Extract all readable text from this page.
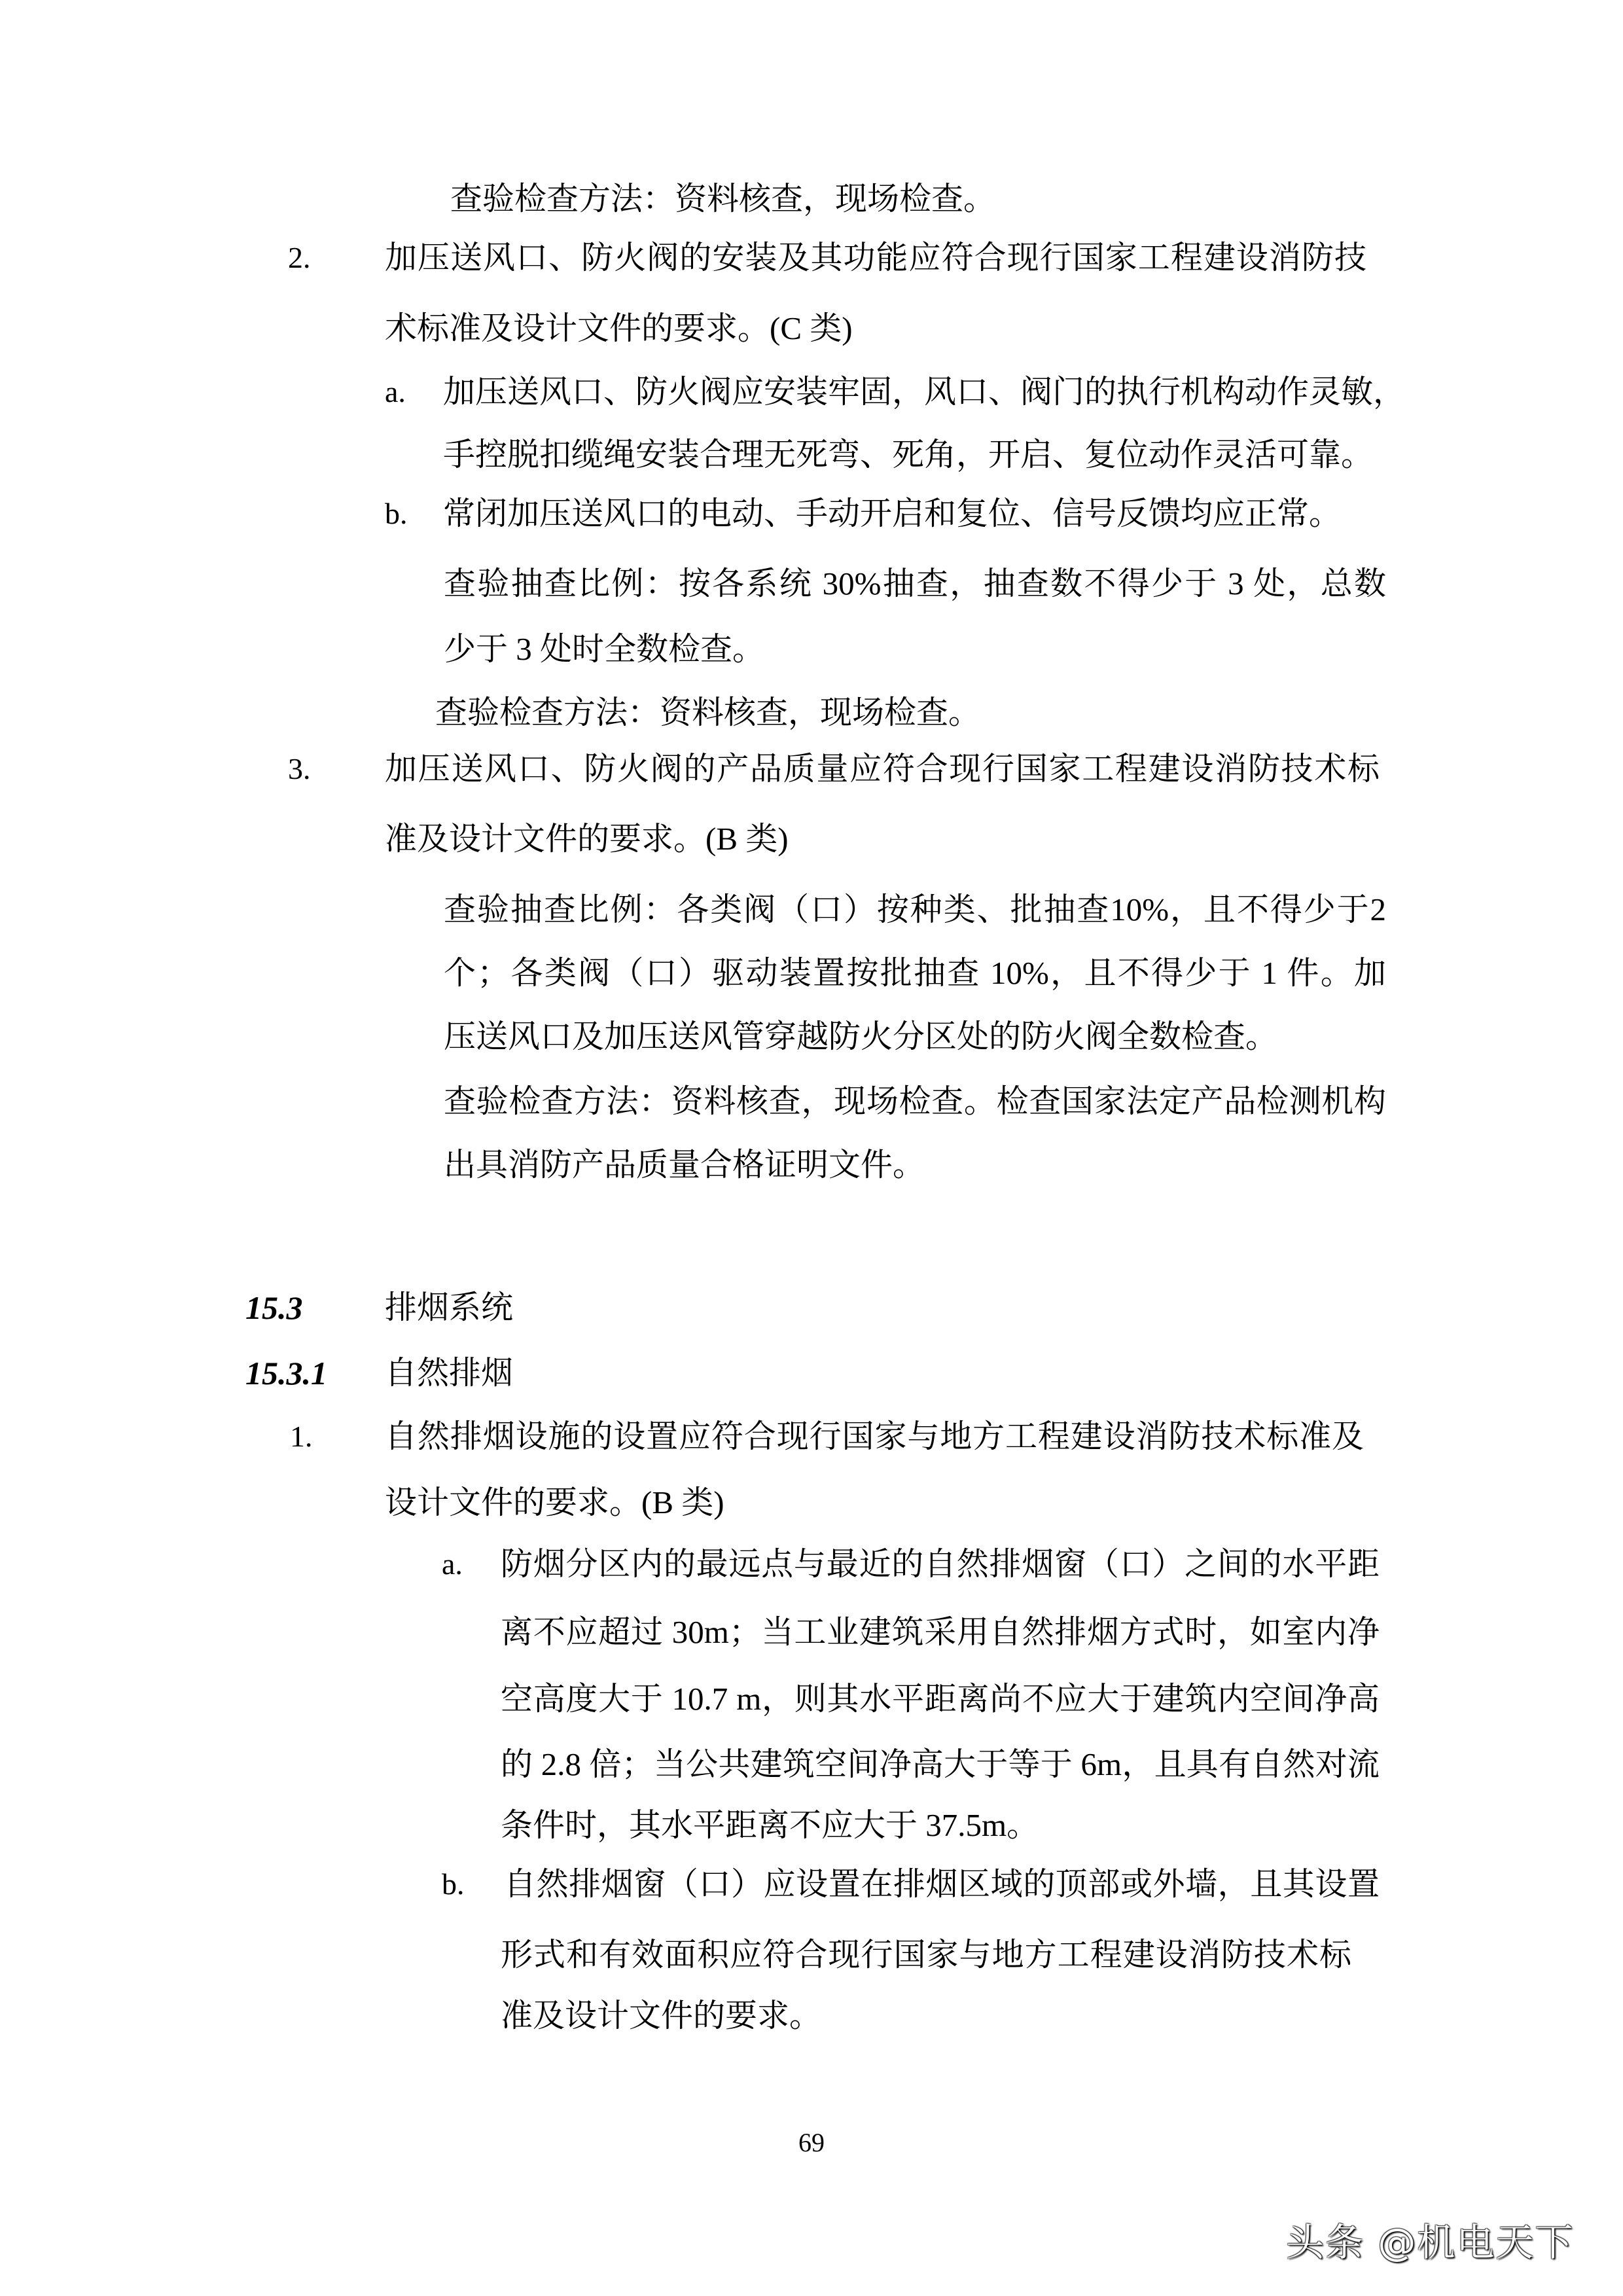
查验检查方法：资料核查，现场检查。
2. 加压送风口、防火阀的安装及其功能应符合现行国家工程建设消防技
术标准及设计文件的要求。(C 类)
a. 加压送风口、防火阀应安装牢固，风口、阀门的执行机构动作灵敏，
手控脱扣缆绳安装合理无死弯、死角，开启、复位动作灵活可靠。
b. 常闭加压送风口的电动、手动开启和复位、信号反馈均应正常。
查验抽查比例：按各系统 30%抽查，抽查数不得少于 3 处，总数
少于 3 处时全数检查。
查验检查方法：资料核查，现场检查。
3. 加压送风口、防火阀的产品质量应符合现行国家工程建设消防技术标
准及设计文件的要求。(B 类)
查验抽查比例：各类阀（口）按种类、批抽查10%，且不得少于2
个；各类阀（口）驱动装置按批抽查 10%，且不得少于 1 件。加
压送风口及加压送风管穿越防火分区处的防火阀全数检查。
查验检查方法：资料核查，现场检查。检查国家法定产品检测机构
出具消防产品质量合格证明文件。
15.3	排烟系统
15.3.1 自然排烟
1. 自然排烟设施的设置应符合现行国家与地方工程建设消防技术标准及
设计文件的要求。(B 类)
a. 防烟分区内的最远点与最近的自然排烟窗（口）之间的水平距
离不应超过 30m；当工业建筑采用自然排烟方式时，如室内净
空高度大于 10.7 m，则其水平距离尚不应大于建筑内空间净高
的 2.8 倍；当公共建筑空间净高大于等于 6m，且具有自然对流
条件时，其水平距离不应大于 37.5m。
b. 自然排烟窗（口）应设置在排烟区域的顶部或外墙，且其设置
形式和有效面积应符合现行国家与地方工程建设消防技术标
准及设计文件的要求。
69
头条 @机电天下
